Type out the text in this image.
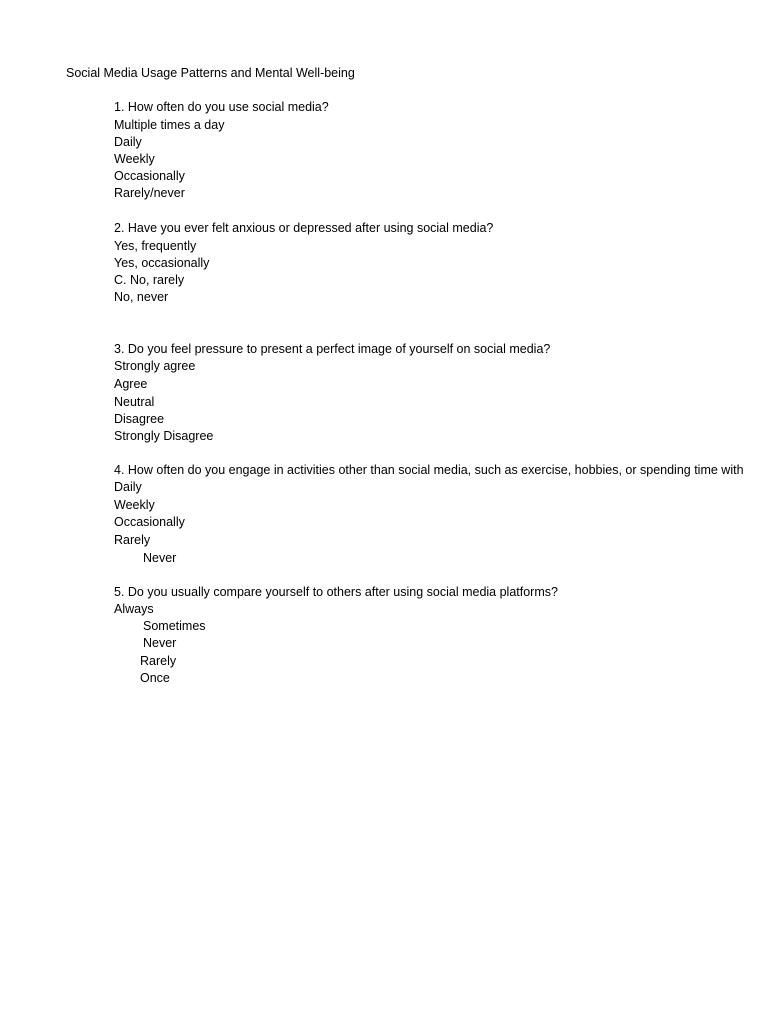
Social Media Usage Patterns and Mental Well-being
1. How often do you use social media?
Multiple times a day
Daily
Weekly
Occasionally
Rarely/never
2. Have you ever felt anxious or depressed after using social media?
Yes, frequently
Yes, occasionally
C. No, rarely
No, never
3. Do you feel pressure to present a perfect image of yourself on social media?
Strongly agree
Agree
Neutral
Disagree
Strongly Disagree
4. How often do you engage in activities other than social media, such as exercise, hobbies, or spending time with
Daily
Weekly
Occasionally
Rarely
Never
5. Do you usually compare yourself to others after using social media platforms?
Always
Sometimes
Never
Rarely
Once
